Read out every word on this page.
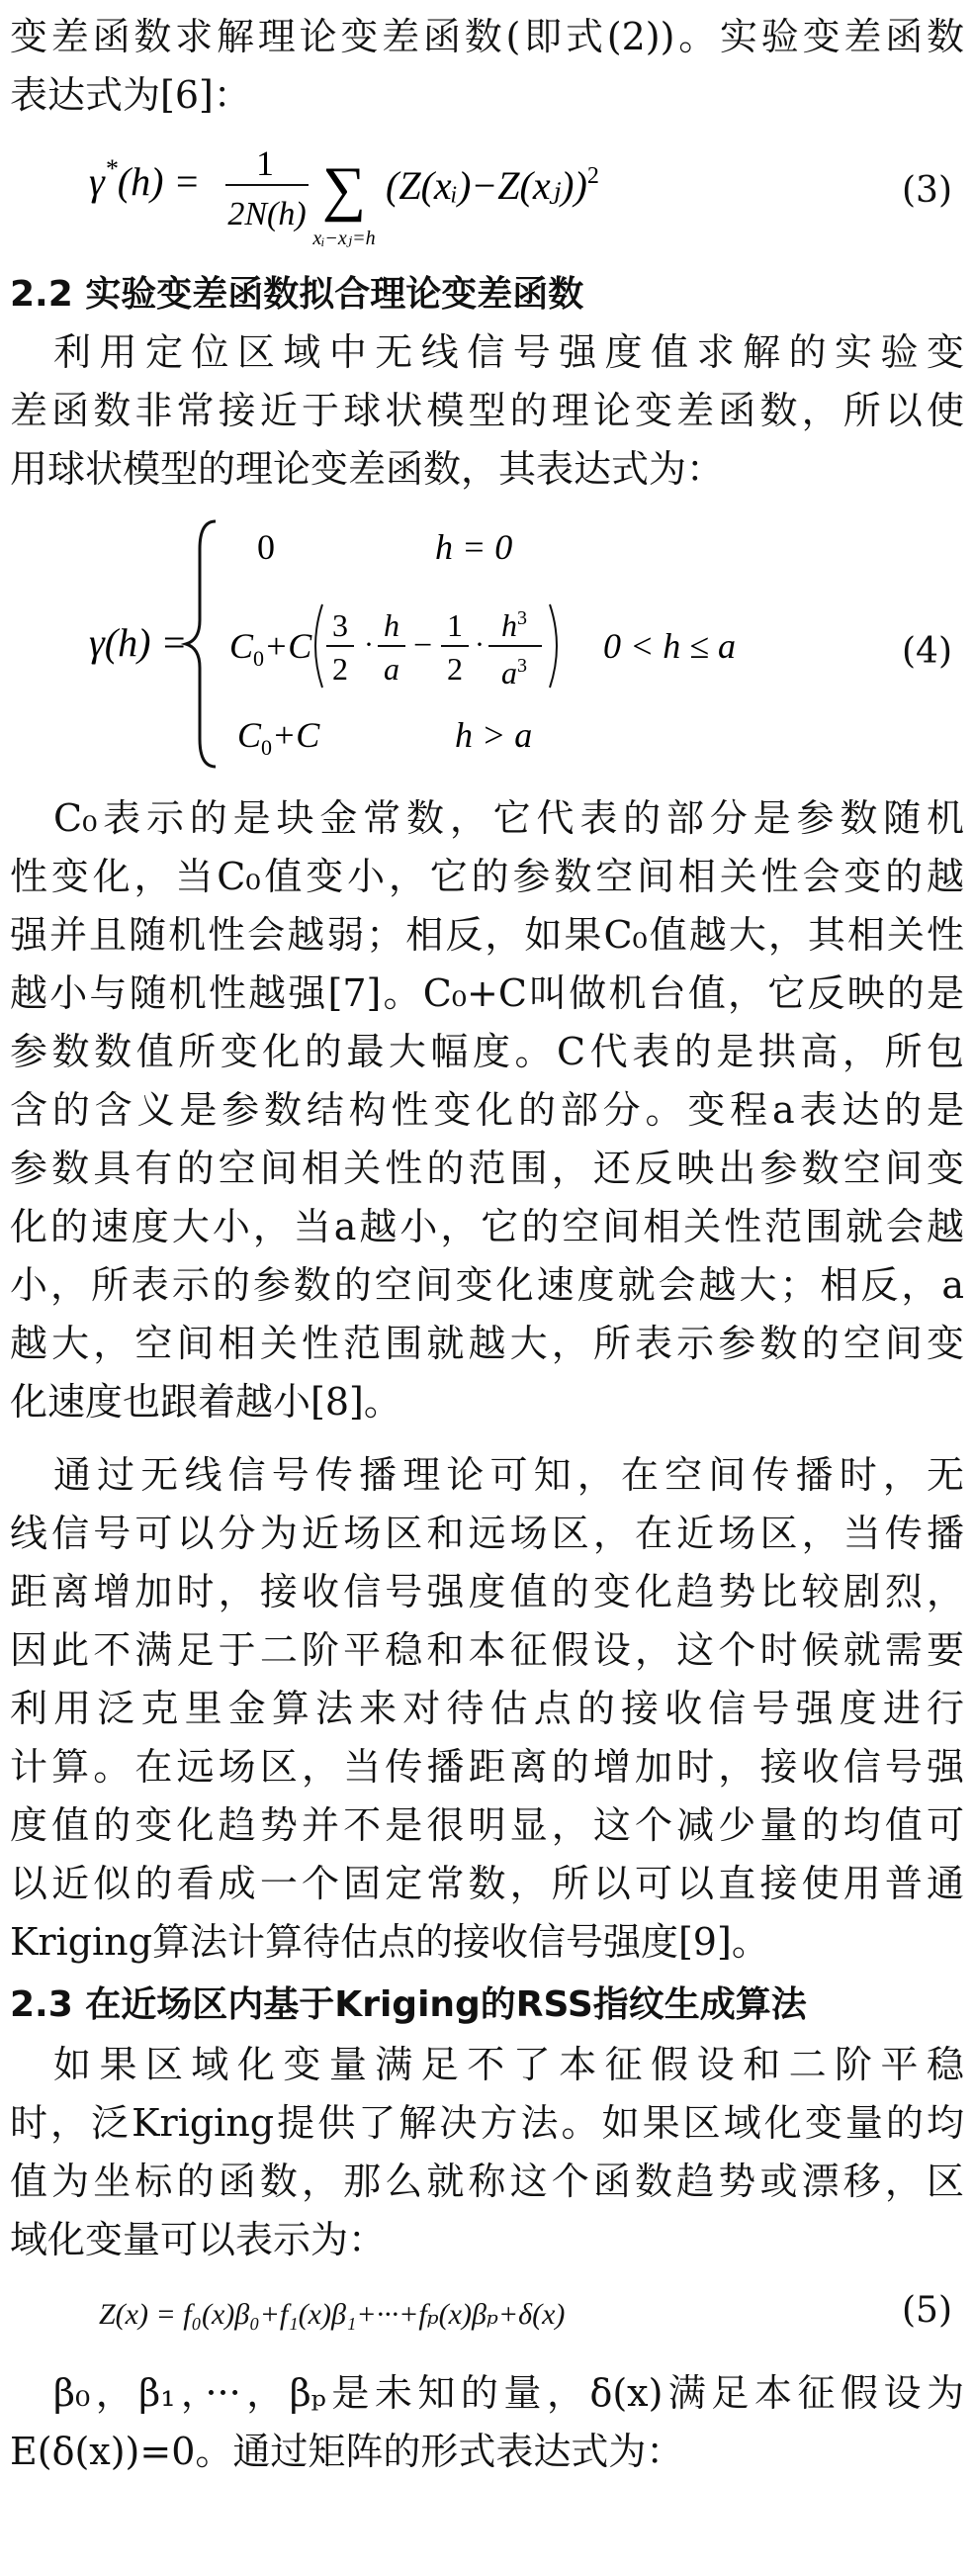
变差函数求解理论变差函数(即式(2))。实验变差函数

表达式为[6]：

γ*(h) = 1
2N(h) ∑
xᵢ−xⱼ=h
(Z(xᵢ)−Z(xⱼ))$^2$	(3)
2.2 实验变差函数拟合理论变差函数

利用定位区域中无线信号强度值求解的实验变

差函数非常接近于球状模型的理论变差函数，所以使

用球状模型的理论变差函数，其表达式为：

γ(h) =
0	h = 0
$C_0+C$
3
2
·
h
a
−
1
2
·
$h^3$
$a^3$ 0 < h ≤ a
$C_0+C$	h > a
(4)

C₀表示的是块金常数，它代表的部分是参数随机

性变化，当C₀值变小，它的参数空间相关性会变的越

强并且随机性会越弱；相反，如果C₀值越大，其相关性

越小与随机性越强[7]。C₀+C叫做机台值，它反映的是

参数数值所变化的最大幅度。C代表的是拱高，所包

含的含义是参数结构性变化的部分。变程a表达的是

参数具有的空间相关性的范围，还反映出参数空间变

化的速度大小，当a越小，它的空间相关性范围就会越

小，所表示的参数的空间变化速度就会越大；相反，a

越大，空间相关性范围就越大，所表示参数的空间变

化速度也跟着越小[8]。

通过无线信号传播理论可知，在空间传播时，无

线信号可以分为近场区和远场区，在近场区，当传播

距离增加时，接收信号强度值的变化趋势比较剧烈，

因此不满足于二阶平稳和本征假设，这个时候就需要

利用泛克里金算法来对待估点的接收信号强度进行

计算。在远场区，当传播距离的增加时，接收信号强

度值的变化趋势并不是很明显，这个减少量的均值可

以近似的看成一个固定常数，所以可以直接使用普通

Kriging算法计算待估点的接收信号强度[9]。

2.3 在近场区内基于Kriging的RSS指纹生成算法

如果区域化变量满足不了本征假设和二阶平稳

时，泛Kriging提供了解决方法。如果区域化变量的均

值为坐标的函数，那么就称这个函数趋势或漂移，区

域化变量可以表示为：

Z(x) = f₀(x)β₀+f₁(x)β₁+···+fₚ(x)βₚ+δ(x)	(5)

β₀，β₁，···，βₚ是未知的量，δ(x)满足本征假设为

E(δ(x))=0。通过矩阵的形式表达式为：
